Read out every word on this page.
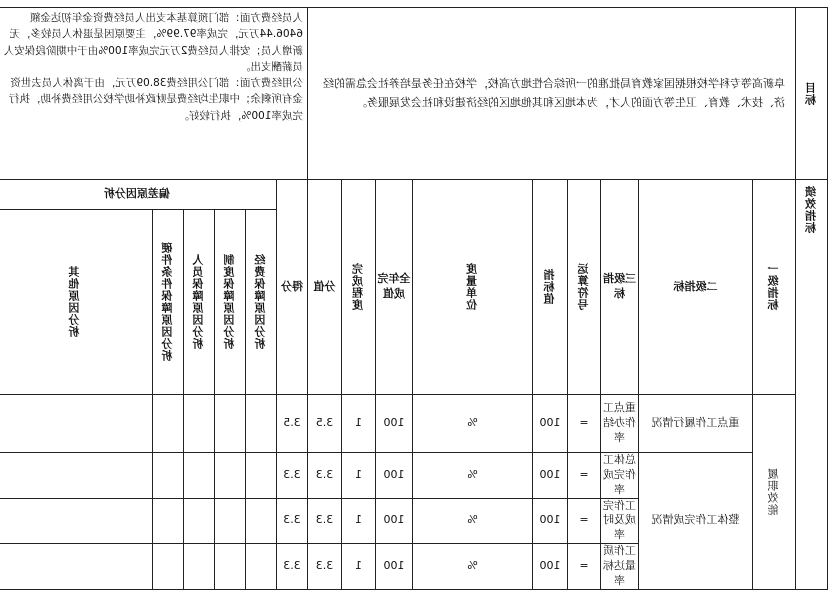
目标	阜新高等专科学校根据国家教育局批准的一所综合性地方高校，学校在任务是培养社会急需的经济、技术、教育、卫生等方面的人才，为本地区和其他地区的经济建设和社会发展服务。									人员经费方面：部门预算基本支出人员经费资金年初达金额6406.44万元，完成率97.99%，主要原因是退休人员较多，无新增人员；安排人员经费2万元完成率100%由于中期阶段保安人员薪酬支出。
公用经费方面：部门公用经费38.09万元，由于离休人员去世资金有所剩余；中职生均经费是财政补助学校公用经费补助，执行完成率100%，执行较好。						

绩效指标	一级指标	二级指标	三级指标	运算符号	指标值	度量单位	全年完成值	完成程度	分值	得分	偏差原因分析	

											经费保障原因分析	制度保障原因分析	人员保障原因分析	硬件条件保障原因分析	其他原因分析	

	履职效能	重点工作履行情况	重点工作办结率	=	100	%	100	1	3.5	3.5						
		整体工作完成情况	总体工作完成率	=	100	%	100	1	3.3	3.3						
			工作完成及时率	=	100	%	100	1	3.3	3.3						
			工作质量达标率	=	100	%	100	1	3.3	3.3						
